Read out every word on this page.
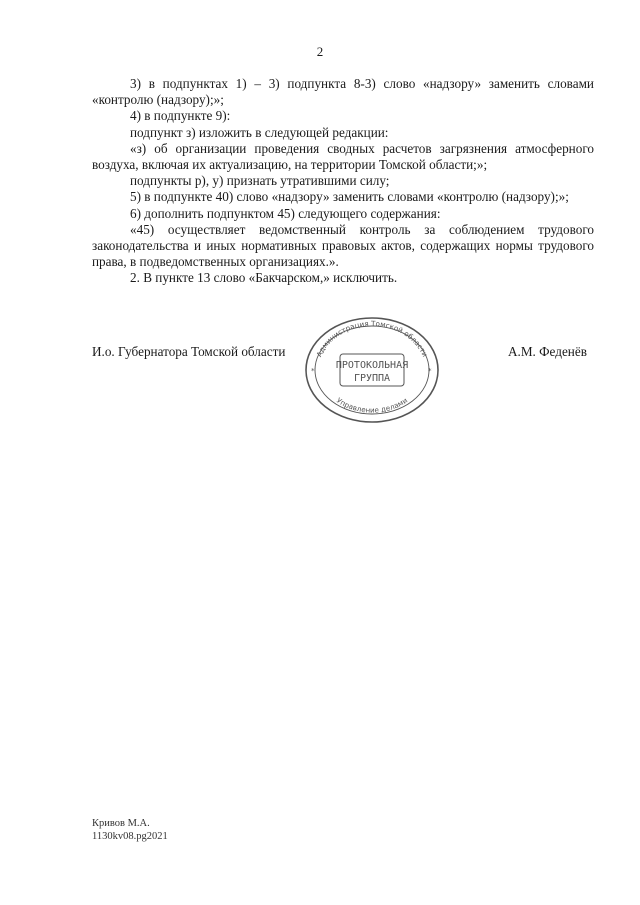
2

3) в подпунктах 1) – 3) подпункта 8-3) слово «надзору» заменить словами «контролю (надзору);»;

4) в подпункте 9):

подпункт з) изложить в следующей редакции:

«з) об организации проведения сводных расчетов загрязнения атмосферного воздуха, включая их актуализацию, на территории Томской области;»;

подпункты р), у) признать утратившими силу;

5) в подпункте 40) слово «надзору» заменить словами «контролю (надзору);»;

6) дополнить подпунктом 45) следующего содержания:

«45) осуществляет ведомственный контроль за соблюдением трудового законодательства и иных нормативных правовых актов, содержащих нормы трудового права, в подведомственных организациях.».

2. В пункте 13 слово «Бакчарском,» исключить.

И.о. Губернатора Томской области	А.М. Феденёв
Администрация Томской области
Управление делами
ПРОТОКОЛЬНАЯ
ГРУППА
*	*

Кривов М.А.

1130kv08.pg2021
